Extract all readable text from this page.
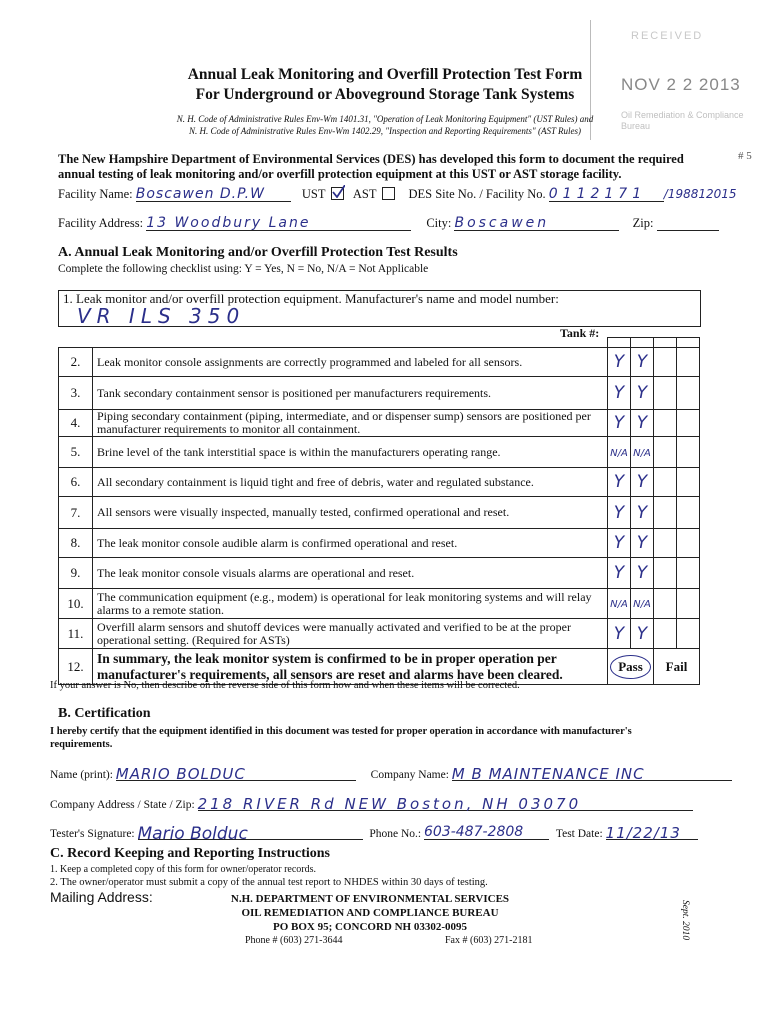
RECEIVED
NOV 2 2 2013
Oil Remediation & Compliance Bureau
# 5
Annual Leak Monitoring and Overfill Protection Test Form
For Underground or Aboveground Storage Tank Systems
N. H. Code of Administrative Rules Env-Wm 1401.31, "Operation of Leak Monitoring Equipment" (UST Rules) and
N. H. Code of Administrative Rules Env-Wm 1402.29, "Inspection and Reporting Requirements" (AST Rules)
The New Hampshire Department of Environmental Services (DES) has developed this form to document the required annual testing of leak monitoring and/or overfill protection equipment at this UST or AST storage facility.
Facility Name: Boscawen D.P.W	UST AST	DES Site No. / Facility No. 0112171 /198812015
Facility Address: 13 Woodbury Lane	City: Boscawen	Zip:
A. Annual Leak Monitoring and/or Overfill Protection Test Results
Complete the following checklist using: Y = Yes, N = No, N/A = Not Applicable
1. Leak monitor and/or overfill protection equipment. Manufacturer's name and model number:
VR ILS 350
Tank #:

2.	Leak monitor console assignments are correctly programmed and labeled for all sensors.	Y	Y		
3.	Tank secondary containment sensor is positioned per manufacturers requirements.	Y	Y		
4.	Piping secondary containment (piping, intermediate, and or dispenser sump) sensors are positioned per manufacturer requirements to monitor all containment.	Y	Y		
5.	Brine level of the tank interstitial space is within the manufacturers operating range.	N/A	N/A		
6.	All secondary containment is liquid tight and free of debris, water and regulated substance.	Y	Y		
7.	All sensors were visually inspected, manually tested, confirmed operational and reset.	Y	Y		
8.	The leak monitor console audible alarm is confirmed operational and reset.	Y	Y		
9.	The leak monitor console visuals alarms are operational and reset.	Y	Y		
10.	The communication equipment (e.g., modem) is operational for leak monitoring systems and will relay alarms to a remote station.	N/A	N/A		
11.	Overfill alarm sensors and shutoff devices were manually activated and verified to be at the proper operational setting. (Required for ASTs)	Y	Y		
12.	In summary, the leak monitor system is confirmed to be in proper operation per manufacturer's requirements, all sensors are reset and alarms have been cleared.	Pass		Fail	
If your answer is No, then describe on the reverse side of this form how and when these items will be corrected.
B. Certification
I hereby certify that the equipment identified in this document was tested for proper operation in accordance with manufacturer's requirements.
Name (print): MARIO BOLDUC	Company Name: M B MAINTENANCE INC
Company Address / State / Zip: 218 RIVER Rd NEW Boston, NH 03070
Tester's Signature: Mario Bolduc	Phone No.: 603-487-2808	Test Date: 11/22/13
C. Record Keeping and Reporting Instructions
1. Keep a completed copy of this form for owner/operator records.
2. The owner/operator must submit a copy of the annual test report to NHDES within 30 days of testing.
Mailing Address:	N.H. DEPARTMENT OF ENVIRONMENTAL SERVICES
OIL REMEDIATION AND COMPLIANCE BUREAU
PO BOX 95; CONCORD NH 03302-0095
Phone # (603) 271-3644	Fax # (603) 271-2181
Sept. 2010
